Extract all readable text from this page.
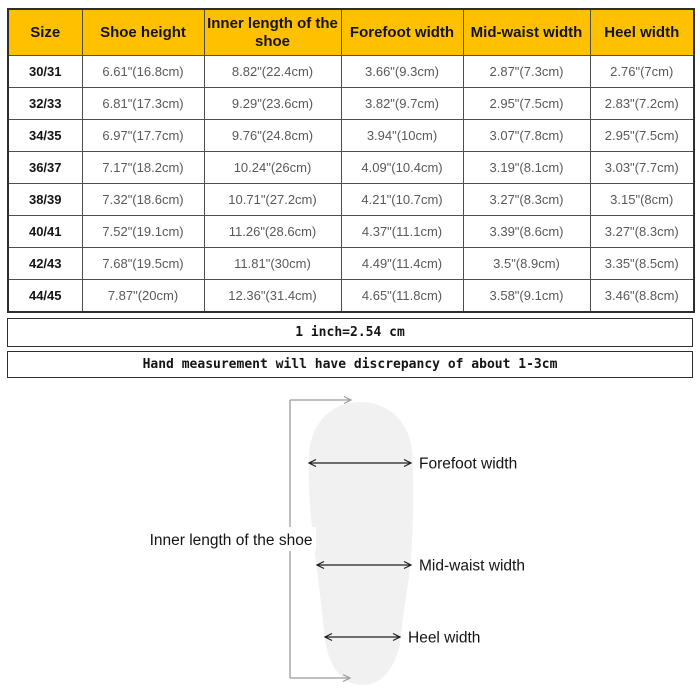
Size	Shoe height	Inner length of the shoe	Forefoot width	Mid-waist width	Heel width
30/31	6.61"(16.8cm)	8.82"(22.4cm)	3.66"(9.3cm)	2.87"(7.3cm)	2.76"(7cm)
32/33	6.81"(17.3cm)	9.29"(23.6cm)	3.82"(9.7cm)	2.95"(7.5cm)	2.83"(7.2cm)
34/35	6.97"(17.7cm)	9.76"(24.8cm)	3.94"(10cm)	3.07"(7.8cm)	2.95"(7.5cm)
36/37	7.17"(18.2cm)	10.24"(26cm)	4.09"(10.4cm)	3.19"(8.1cm)	3.03"(7.7cm)
38/39	7.32"(18.6cm)	10.71"(27.2cm)	4.21"(10.7cm)	3.27"(8.3cm)	3.15"(8cm)
40/41	7.52"(19.1cm)	11.26"(28.6cm)	4.37"(11.1cm)	3.39"(8.6cm)	3.27"(8.3cm)
42/43	7.68"(19.5cm)	11.81"(30cm)	4.49"(11.4cm)	3.5"(8.9cm)	3.35"(8.5cm)
44/45	7.87"(20cm)	12.36"(31.4cm)	4.65"(11.8cm)	3.58"(9.1cm)	3.46"(8.8cm)
1 inch=2.54 cm
Hand measurement will have discrepancy of about 1-3cm
Inner length of the shoe
Forefoot width
Mid-waist width
Heel width
